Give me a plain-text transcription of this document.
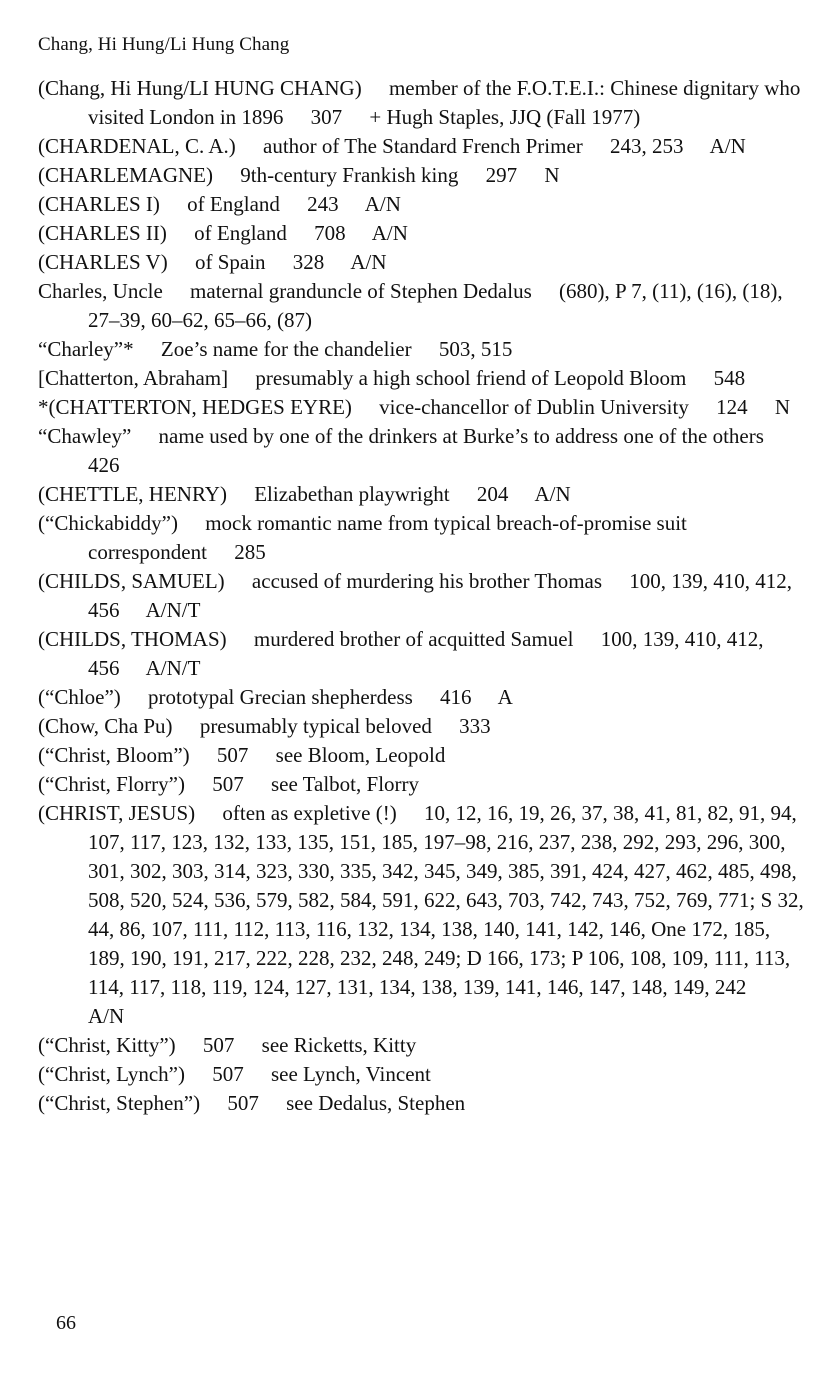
Chang, Hi Hung/Li Hung Chang

(Chang, Hi Hung/LI HUNG CHANG) member of the F.O.T.E.I.: Chinese dignitary who visited London in 1896 307 + Hugh Staples, JJQ (Fall 1977)

(CHARDENAL, C. A.) author of The Standard French Primer 243, 253 A/N

(CHARLEMAGNE) 9th-century Frankish king 297 N

(CHARLES I) of England 243 A/N

(CHARLES II) of England 708 A/N

(CHARLES V) of Spain 328 A/N

Charles, Uncle maternal granduncle of Stephen Dedalus (680), P 7, (11), (16), (18), 27–39, 60–62, 65–66, (87)

“Charley”* Zoe’s name for the chandelier 503, 515

[Chatterton, Abraham] presumably a high school friend of Leopold Bloom 548

*(CHATTERTON, HEDGES EYRE) vice-chancellor of Dublin University 124 N

“Chawley” name used by one of the drinkers at Burke’s to address one of the others 426

(CHETTLE, HENRY) Elizabethan playwright 204 A/N

(“Chickabiddy”) mock romantic name from typical breach-of-promise suit correspondent 285

(CHILDS, SAMUEL) accused of murdering his brother Thomas 100, 139, 410, 412, 456 A/N/T

(CHILDS, THOMAS) murdered brother of acquitted Samuel 100, 139, 410, 412, 456 A/N/T

(“Chloe”) prototypal Grecian shepherdess 416 A

(Chow, Cha Pu) presumably typical beloved 333

(“Christ, Bloom”) 507 see Bloom, Leopold

(“Christ, Florry”) 507 see Talbot, Florry

(CHRIST, JESUS) often as expletive (!) 10, 12, 16, 19, 26, 37, 38, 41, 81, 82, 91, 94, 107, 117, 123, 132, 133, 135, 151, 185, 197–98, 216, 237, 238, 292, 293, 296, 300, 301, 302, 303, 314, 323, 330, 335, 342, 345, 349, 385, 391, 424, 427, 462, 485, 498, 508, 520, 524, 536, 579, 582, 584, 591, 622, 643, 703, 742, 743, 752, 769, 771; S 32, 44, 86, 107, 111, 112, 113, 116, 132, 134, 138, 140, 141, 142, 146, One 172, 185, 189, 190, 191, 217, 222, 228, 232, 248, 249; D 166, 173; P 106, 108, 109, 111, 113, 114, 117, 118, 119, 124, 127, 131, 134, 138, 139, 141, 146, 147, 148, 149, 242 A/N

(“Christ, Kitty”) 507 see Ricketts, Kitty

(“Christ, Lynch”) 507 see Lynch, Vincent

(“Christ, Stephen”) 507 see Dedalus, Stephen

66
